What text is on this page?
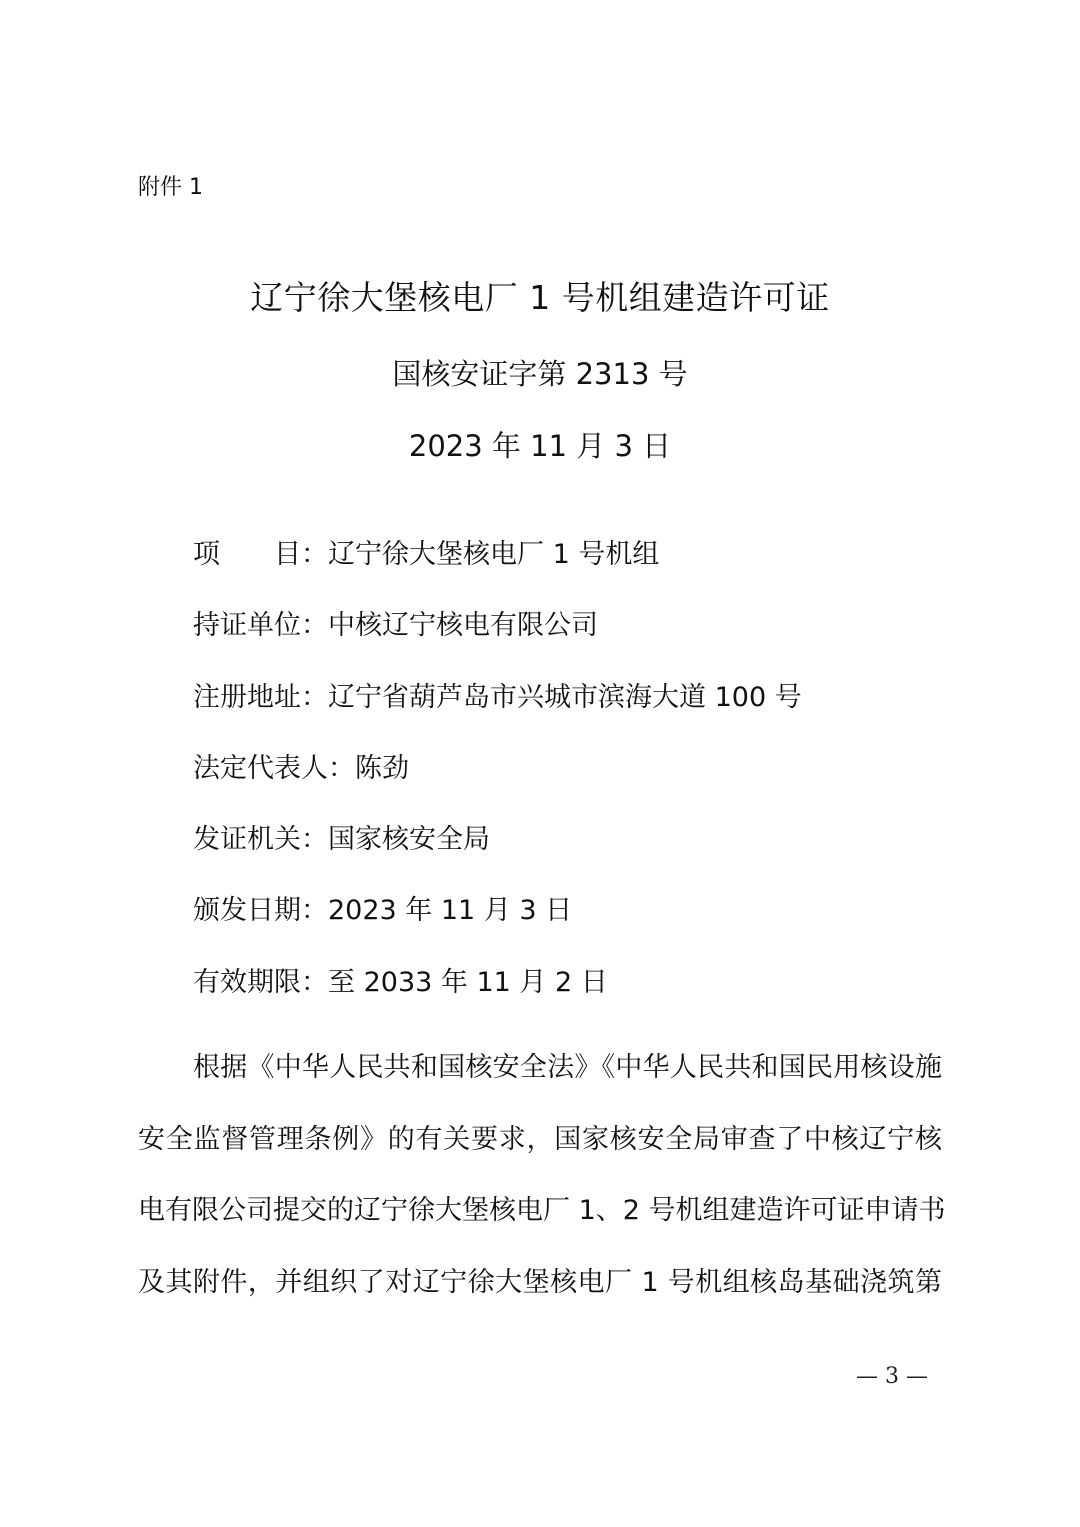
附件 1
辽宁徐大堡核电厂 1 号机组建造许可证
国核安证字第 2313 号
2023 年 11 月 3 日
项 目：辽宁徐大堡核电厂 1 号机组
持证单位：中核辽宁核电有限公司
注册地址：辽宁省葫芦岛市兴城市滨海大道 100 号
法定代表人：陈劲
发证机关：国家核安全局
颁发日期：2023 年 11 月 3 日
有效期限：至 2033 年 11 月 2 日
根据《中华人民共和国核安全法》《中华人民共和国民用核设施
安全监督管理条例》的有关要求，国家核安全局审查了中核辽宁核
电有限公司提交的辽宁徐大堡核电厂 1、2 号机组建造许可证申请书
及其附件，并组织了对辽宁徐大堡核电厂 1 号机组核岛基础浇筑第
— 3 —
